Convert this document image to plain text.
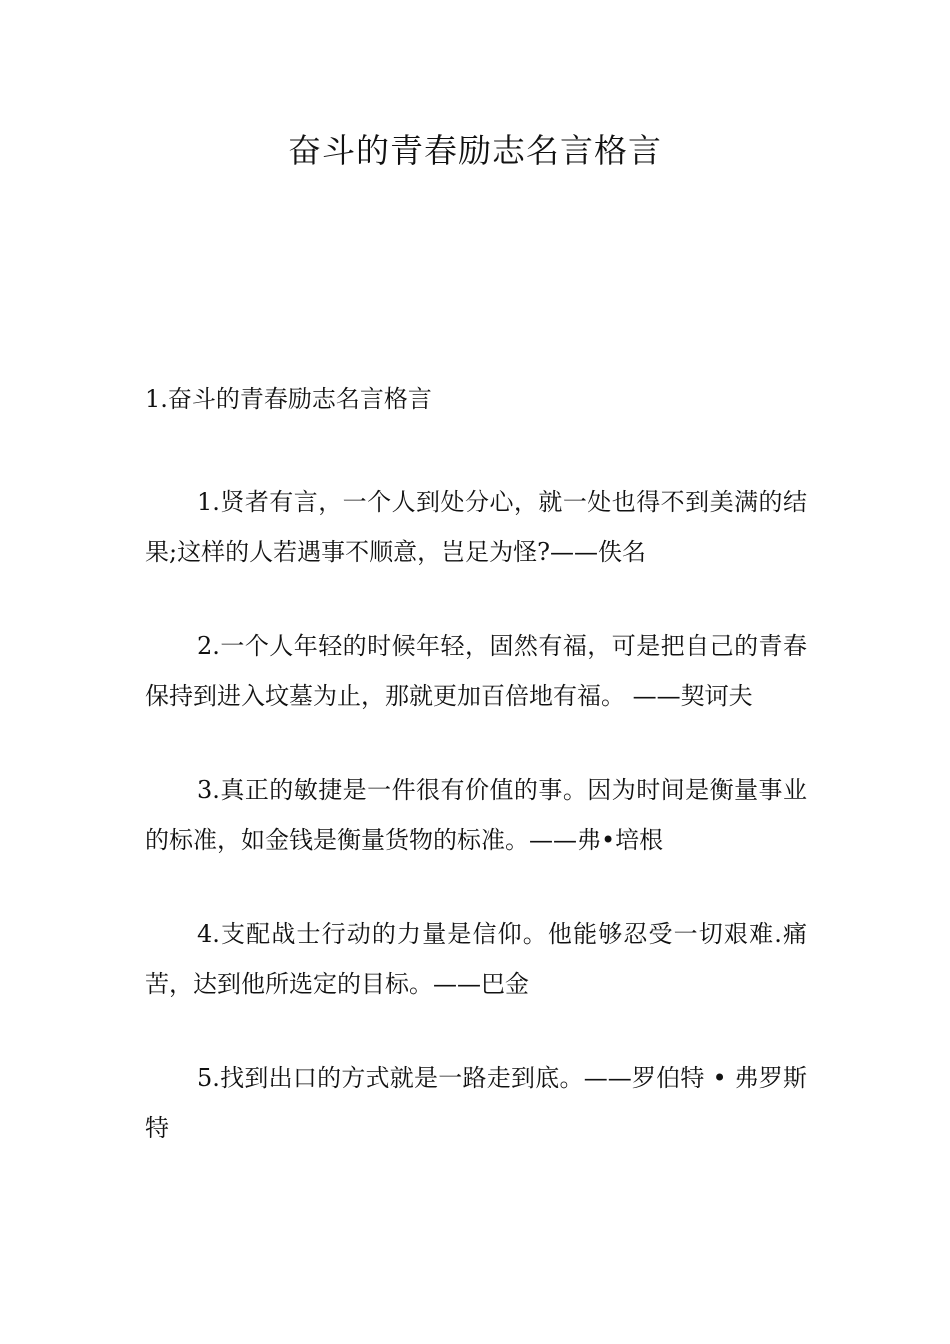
奋斗的青春励志名言格言
1.奋斗的青春励志名言格言

1.贤者有言，一个人到处分心，就一处也得不到美满的结果;这样的人若遇事不顺意，岂足为怪?——佚名

2.一个人年轻的时候年轻，固然有福，可是把自己的青春保持到进入坟墓为止，那就更加百倍地有福。 ——契诃夫

3.真正的敏捷是一件很有价值的事。因为时间是衡量事业的标准，如金钱是衡量货物的标准。——弗•培根

4.支配战士行动的力量是信仰。他能够忍受一切艰难.痛苦，达到他所选定的目标。——巴金

5.找到出口的方式就是一路走到底。——罗伯特 • 弗罗斯特
